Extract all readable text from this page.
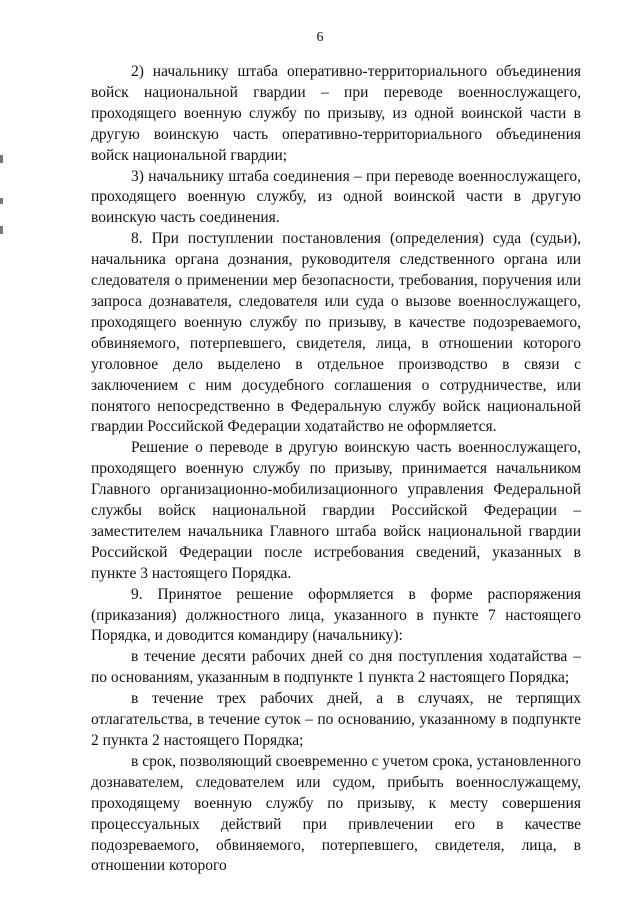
6

2) начальнику штаба оперативно-территориального объединения войск национальной гвардии – при переводе военнослужащего, проходящего военную службу по призыву, из одной воинской части в другую воинскую часть оперативно-территориального объединения войск национальной гвардии;

3) начальнику штаба соединения – при переводе военнослужащего, проходящего военную службу, из одной воинской части в другую воинскую часть соединения.

8. При поступлении постановления (определения) суда (судьи), начальника органа дознания, руководителя следственного органа или следователя о применении мер безопасности, требования, поручения или запроса дознавателя, следователя или суда о вызове военнослужащего, проходящего военную службу по призыву, в качестве подозреваемого, обвиняемого, потерпевшего, свидетеля, лица, в отношении которого уголовное дело выделено в отдельное производство в связи с заключением с ним досудебного соглашения о сотрудничестве, или понятого непосредственно в Федеральную службу войск национальной гвардии Российской Федерации ходатайство не оформляется.

Решение о переводе в другую воинскую часть военнослужащего, проходящего военную службу по призыву, принимается начальником Главного организационно-мобилизационного управления Федеральной службы войск национальной гвардии Российской Федерации – заместителем начальника Главного штаба войск национальной гвардии Российской Федерации после истребования сведений, указанных в пункте 3 настоящего Порядка.

9. Принятое решение оформляется в форме распоряжения (приказания) должностного лица, указанного в пункте 7 настоящего Порядка, и доводится командиру (начальнику):

в течение десяти рабочих дней со дня поступления ходатайства – по основаниям, указанным в подпункте 1 пункта 2 настоящего Порядка;

в течение трех рабочих дней, а в случаях, не терпящих отлагательства, в течение суток – по основанию, указанному в подпункте 2 пункта 2 настоящего Порядка;

в срок, позволяющий своевременно с учетом срока, установленного дознавателем, следователем или судом, прибыть военнослужащему, проходящему военную службу по призыву, к месту совершения процессуальных действий при привлечении его в качестве подозреваемого, обвиняемого, потерпевшего, свидетеля, лица, в отношении которого
